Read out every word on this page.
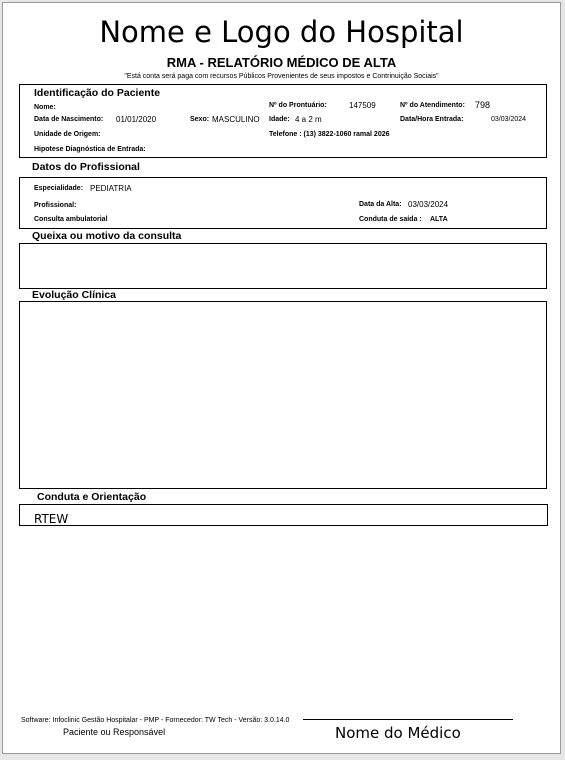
Nome e Logo do Hospital
RMA - RELATÓRIO MÉDICO DE ALTA
"Está conta será paga com recursos Públicos Provenientes de seus impostos e Contrinuição Sociais"
Identificação do Paciente
Nome:	Nº do Prontuário:	147509	Nº do Atendimento: 798
Data de Nascimento: 01/01/2020	Sexo: MASCULINO Idade: 4 a 2 m	Data/Hora Entrada:	03/03/2024
Unidade de Origem:	Telefone : (13) 3822-1060 ramal 2026
Hipotese Diagnóstica de Entrada:
Datos do Profissional
Especialidade: PEDIATRIA
Profissional:	Data da Alta: 03/03/2024
Consulta ambulatorial	Conduta de saída : ALTA
Queixa ou motivo da consulta
Evolução Clínica
Conduta e Orientação
RTEW
Software: Infoclinic Gestão Hospitalar - PMP - Fornecedor: TW Tech - Versão: 3.0.14.0
Paciente ou Responsável	Nome do Médico
